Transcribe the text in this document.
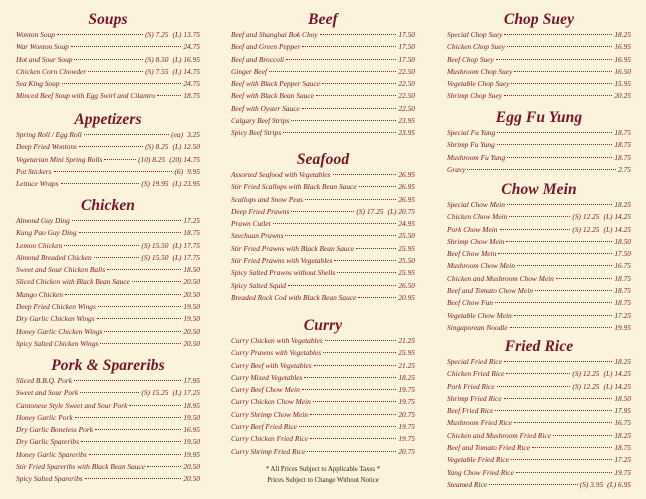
Soups
Wonton Soup	(S) 7.25 (L) 13.75
War Wonton Soup	24.75
Hot and Sour Soup	(S) 8.50 (L) 16.95
Chicken Corn Chowder	(S) 7.55 (L) 14.75
Sea King Soup	24.75
Minced Beef Soup with Egg Swirl and Cilantro	18.75
Appetizers
Spring Roll / Egg Roll	(ea) 3.25
Deep Fried Wontons	(S) 8.25 (L) 12.50
Vegetarian Mini Spring Rolls	(10) 8.25 (20) 14.75
Pot Stickers	(6) 9.95
Lettuce Wraps	(S) 19.95 (L) 23.95
Chicken
Almond Guy Ding	17.25
Kung Pao Guy Ding	18.75
Lemon Chicken	(S) 15.50 (L) 17.75
Almond Breaded Chicken	(S) 15.50 (L) 17.75
Sweet and Sour Chicken Balls	18.50
Sliced Chicken with Black Bean Sauce	20.50
Mango Chicken	20.50
Deep Fried Chicken Wings	19.50
Dry Garlic Chicken Wings	19.50
Honey Garlic Chicken Wings	20.50
Spicy Salted Chicken Wings	20.50
Pork & Spareribs
Sliced B.B.Q. Pork	17.95
Sweet and Sour Pork	(S) 15.25 (L) 17.25
Cantonese Style Sweet and Sour Pork	18.95
Honey Garlic Pork	19.50
Dry Garlic Boneless Pork	16.95
Dry Garlic Spareribs	19.50
Honey Garlic Spareribs	19.95
Stir Fried Spareribs with Black Bean Sauce	20.50
Spicy Salted Spareribs	20.50
Beef
Beef and Shanghai Bok Choy	17.50
Beef and Green Pepper	17.50
Beef and Broccoli	17.50
Ginger Beef	22.50
Beef with Black Pepper Sauce	22.50
Beef with Black Bean Sauce	22.50
Beef with Oyster Sauce	22.50
Calgary Beef Strips	23.95
Spicy Beef Strips	23.95
Seafood
Assorted Seafood with Vegetables	26.95
Stir Fried Scallops with Black Bean Sauce	26.95
Scallops and Snow Peas	26.95
Deep Fried Prawns	(S) 17.25 (L) 20.75
Prawn Cutlet	24.95
Szechuan Prawns	25.50
Stir Fried Prawns with Black Bean Sauce	25.95
Stir Fried Prawns with Vegetables	25.50
Spicy Salted Prawns without Shells	25.95
Spicy Salted Squid	26.50
Breaded Rock Cod with Black Bean Sauce	20.95
Curry
Curry Chicken with Vegetables	21.25
Curry Prawns with Vegetables	25.95
Curry Beef with Vegetables	21.25
Curry Mixed Vegetables	18.25
Curry Beef Chow Mein	19.75
Curry Chicken Chow Mein	19.75
Curry Shrimp Chow Mein	20.75
Curry Beef Fried Rice	19.75
Curry Chicken Fried Rice	19.75
Curry Shrimp Fried Rice	20.75
* All Prices Subject to Applicable Taxes *
Prices Subject to Change Without Notice
Chop Suey
Special Chop Suey	18.25
Chicken Chop Suey	16.95
Beef Chop Suey	16.95
Mushroom Chop Suey	16.50
Vegetable Chop Suey	15.95
Shrimp Chop Suey	20.25
Egg Fu Yung
Special Fu Yung	18.75
Shrimp Fu Yung	18.75
Mushroom Fu Yung	18.75
Gravy	2.75
Chow Mein
Special Chow Mein	18.25
Chicken Chow Mein	(S) 12.25 (L) 14.25
Pork Chow Mein	(S) 12.25 (L) 14.25
Shrimp Chow Mein	18.50
Beef Chow Mein	17.50
Mushroom Chow Mein	16.75
Chicken and Mushroom Chow Mein	18.75
Beef and Tomato Chow Mein	18.75
Beef Chow Fun	18.75
Vegetable Chow Mein	17.25
Singaporean Noodle	19.95
Fried Rice
Special Fried Rice	18.25
Chicken Fried Rice	(S) 12.25 (L) 14.25
Pork Fried Rice	(S) 12.25 (L) 14.25
Shrimp Fried Rice	18.50
Beef Fried Rice	17.95
Mushroom Fried Rice	16.75
Chicken and Mushroom Fried Rice	18.25
Beef and Tomato Fried Rice	18.75
Vegetable Fried Rice	17.25
Yang Chow Fried Rice	19.75
Steamed Rice	(S) 3.95 (L) 6.95
